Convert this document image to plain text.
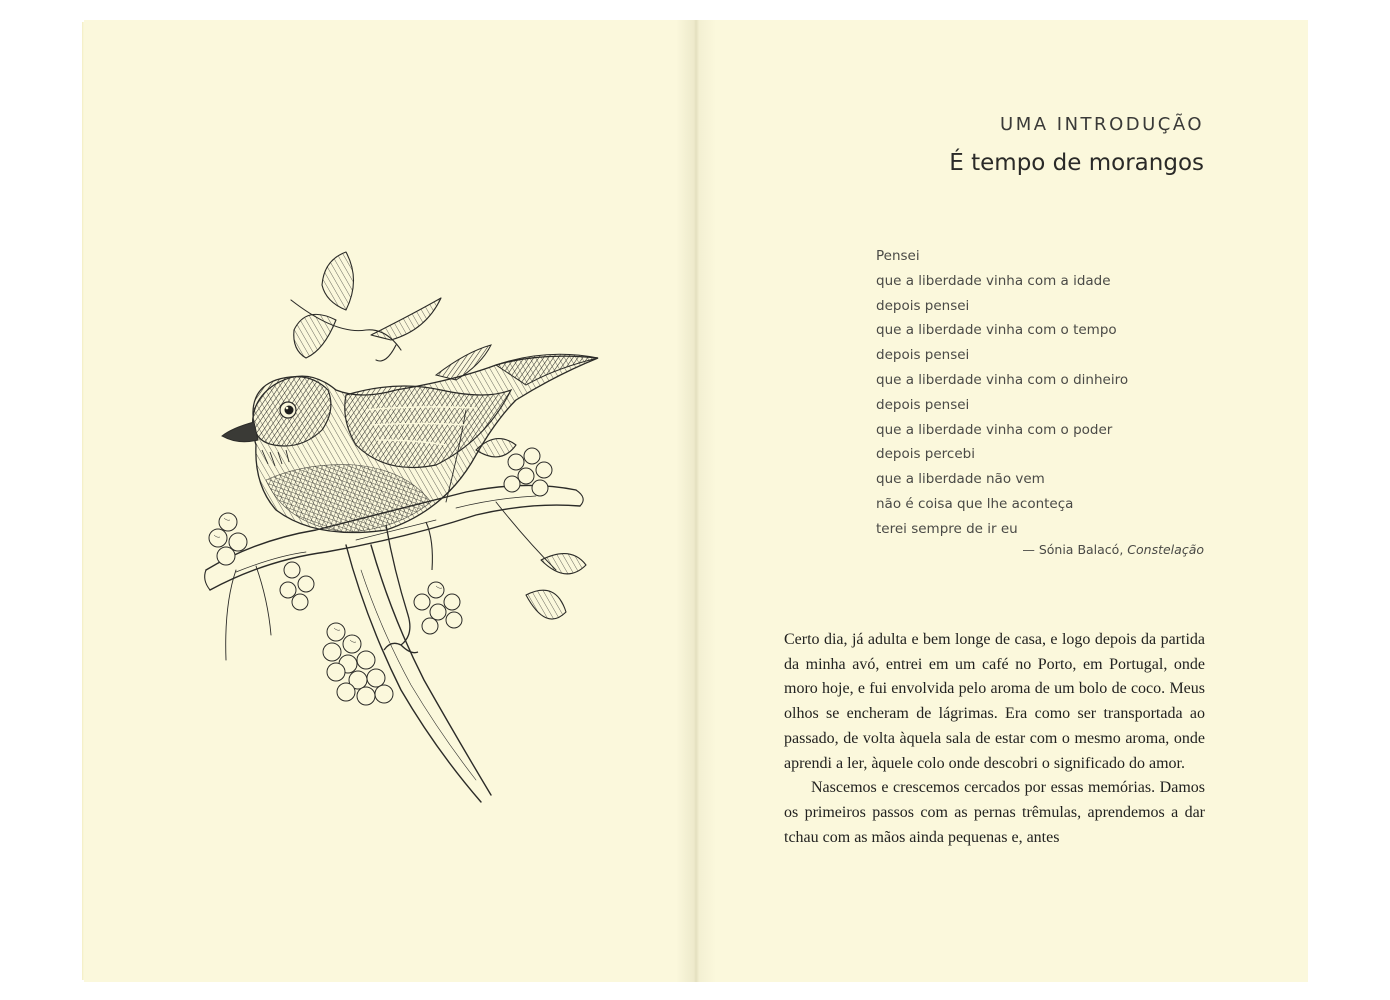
UMA INTRODUÇÃO
É tempo de morangos
Pensei
que a liberdade vinha com a idade
depois pensei
que a liberdade vinha com o tempo
depois pensei
que a liberdade vinha com o dinheiro
depois pensei
que a liberdade vinha com o poder
depois percebi
que a liberdade não vem
não é coisa que lhe aconteça
terei sempre de ir eu
— Sónia Balacó, Constelação

Certo dia, já adulta e bem longe de casa, e logo depois da partida da minha avó, entrei em um café no Porto, em Portugal, onde moro hoje, e fui envolvida pelo aroma de um bolo de coco. Meus olhos se encheram de lágrimas. Era como ser transportada ao passado, de volta àquela sala de estar com o mesmo aroma, onde aprendi a ler, àquele colo onde descobri o significado do amor.

Nascemos e crescemos cercados por essas memórias. Damos os primeiros passos com as pernas trêmulas, aprendemos a dar tchau com as mãos ainda pequenas e, antes
